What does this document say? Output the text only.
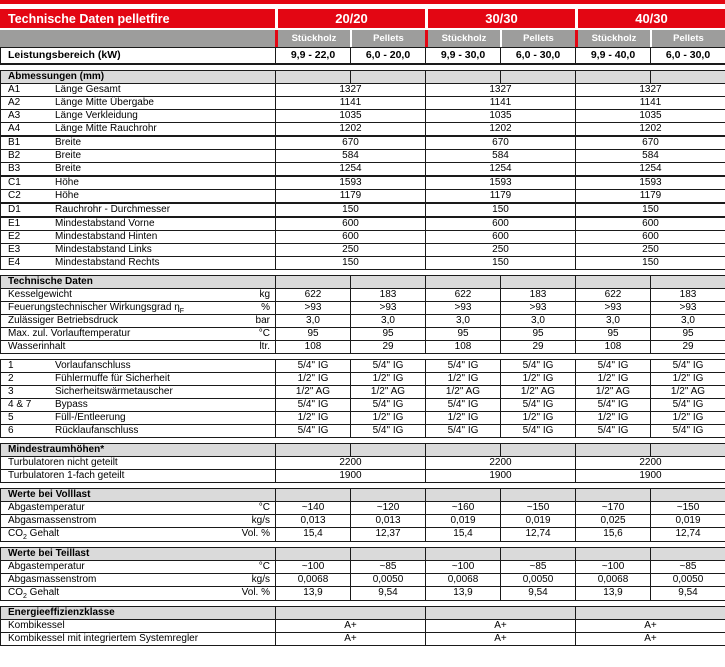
Technische Daten pelletfire	20/20	30/30	40/30
Stückholz	Pellets	Stückholz	Pellets	Stückholz	Pellets
Leistungsbereich (kW)	9,9 - 22,0	6,0 - 20,0	9,9 - 30,0	6,0 - 30,0	9,9 - 40,0	6,0 - 30,0
Abmessungen (mm)						

A1 Länge Gesamt	1327		1327		1327	

A2 Länge Mitte Übergabe	1141		1141		1141	

A3 Länge Verkleidung	1035		1035		1035	

A4 Länge Mitte Rauchrohr	1202		1202		1202	

B1 Breite	670		670		670	

B2 Breite	584		584		584	

B3 Breite	1254		1254		1254	

C1 Höhe	1593		1593		1593	

C2 Höhe	1179		1179		1179	

D1 Rauchrohr - Durchmesser	150		150		150	

E1 Mindestabstand Vorne	600		600		600	

E2 Mindestabstand Hinten	600		600		600	

E3 Mindestabstand Links	250		250		250	

E4 Mindestabstand Rechts	150		150		150	
Technische Daten						

Kesselgewicht kg	622	183	622	183	622	183

Feuerungstechnischer Wirkungsgrad $\eta_F$ %	>93	>93	>93	>93	>93	>93

Zulässiger Betriebsdruck bar	3,0	3,0	3,0	3,0	3,0	3,0

Max. zul. Vorlauftemperatur °C	95	95	95	95	95	95

Wasserinhalt ltr.	108	29	108	29	108	29
1 Vorlaufanschluss	5/4" IG	5/4" IG	5/4" IG	5/4" IG	5/4" IG	5/4" IG

2 Fühlermuffe für Sicherheit	1/2" IG	1/2" IG	1/2" IG	1/2" IG	1/2" IG	1/2" IG

3 Sicherheitswärmetauscher	1/2" AG	1/2" AG	1/2" AG	1/2" AG	1/2" AG	1/2" AG

4 & 7 Bypass	5/4" IG	5/4" IG	5/4" IG	5/4" IG	5/4" IG	5/4" IG

5 Füll-/Entleerung	1/2" IG	1/2" IG	1/2" IG	1/2" IG	1/2" IG	1/2" IG

6 Rücklaufanschluss	5/4" IG	5/4" IG	5/4" IG	5/4" IG	5/4" IG	5/4" IG
Mindestraumhöhen*						

Turbulatoren nicht geteilt	2200		2200		2200	

Turbulatoren 1-fach geteilt	1900		1900		1900	
Werte bei Volllast						

Abgastemperatur °C	~140	~120	~160	~150	~170	~150

Abgasmassenstrom kg/s	0,013	0,013	0,019	0,019	0,025	0,019

$CO_2$ Gehalt Vol. %	15,4	12,37	15,4	12,74	15,6	12,74
Werte bei Teillast						

Abgastemperatur °C	~100	~85	~100	~85	~100	~85

Abgasmassenstrom kg/s	0,0068	0,0050	0,0068	0,0050	0,0068	0,0050

$CO_2$ Gehalt Vol. %	13,9	9,54	13,9	9,54	13,9	9,54
Energieeffizienzklasse			

Kombikessel	A+	A+	A+

Kombikessel mit integriertem Systemregler	A+	A+	A+
